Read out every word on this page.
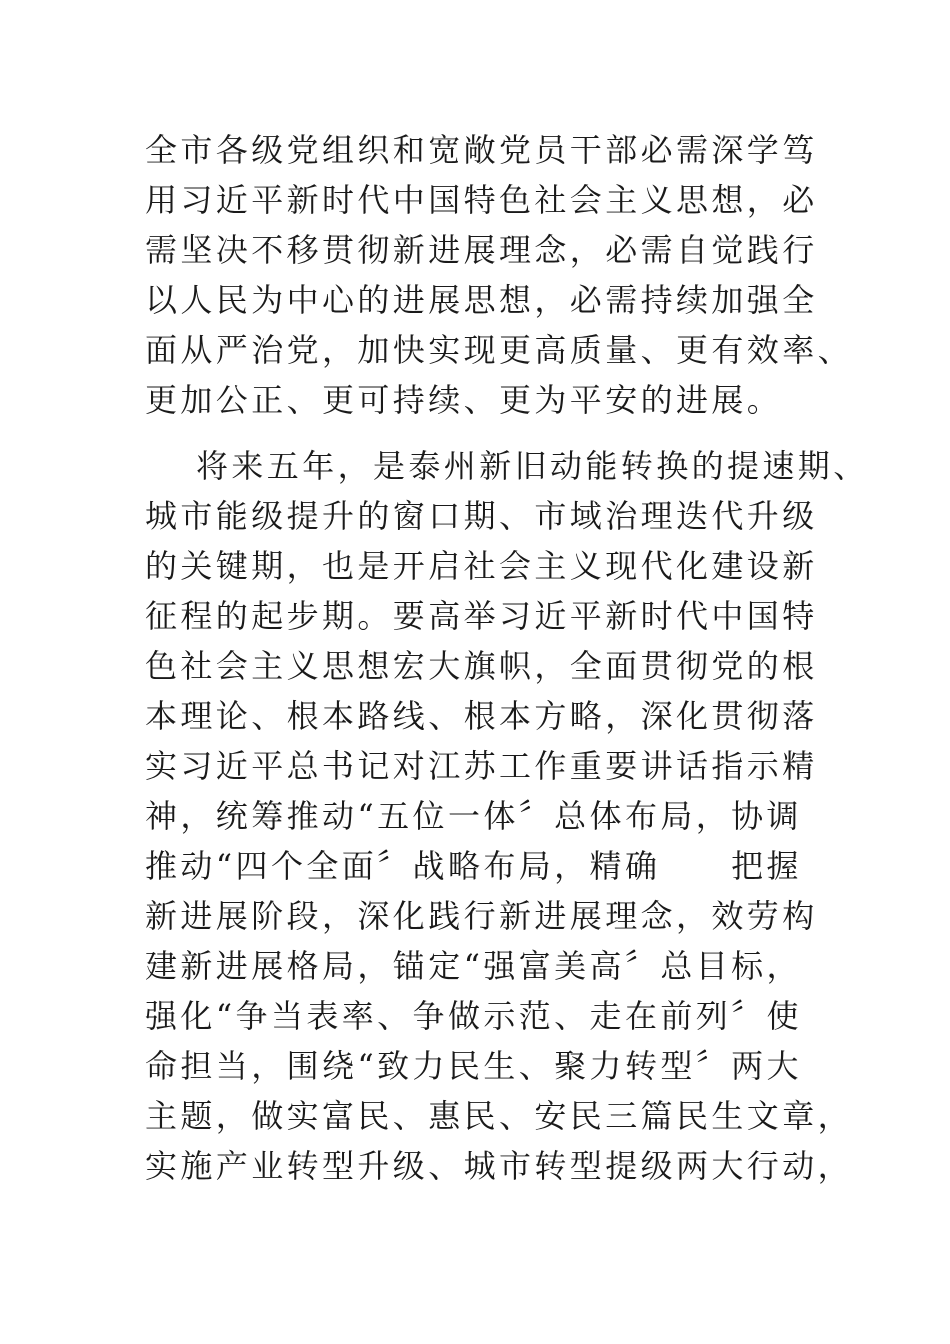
全市各级党组织和宽敞党员干部必需深学笃
用习近平新时代中国特色社会主义思想，必
需坚决不移贯彻新进展理念，必需自觉践行
以人民为中心的进展思想，必需持续加强全
面从严治党，加快实现更高质量、更有效率、
更加公正、更可持续、更为平安的进展。
将来五年，是泰州新旧动能转换的提速期、
城市能级提升的窗口期、市域治理迭代升级
的关键期，也是开启社会主义现代化建设新
征程的起步期。要高举习近平新时代中国特
色社会主义思想宏大旗帜，全面贯彻党的根
本理论、根本路线、根本方略，深化贯彻落
实习近平总书记对江苏工作重要讲话指示精
神，统筹推动“五位一体〞总体布局，协调
推动“四个全面〞战略布局，精确　　把握
新进展阶段，深化践行新进展理念，效劳构
建新进展格局，锚定“强富美高〞总目标，
强化“争当表率、争做示范、走在前列〞使
命担当，围绕“致力民生、聚力转型〞两大
主题，做实富民、惠民、安民三篇民生文章，
实施产业转型升级、城市转型提级两大行动，
